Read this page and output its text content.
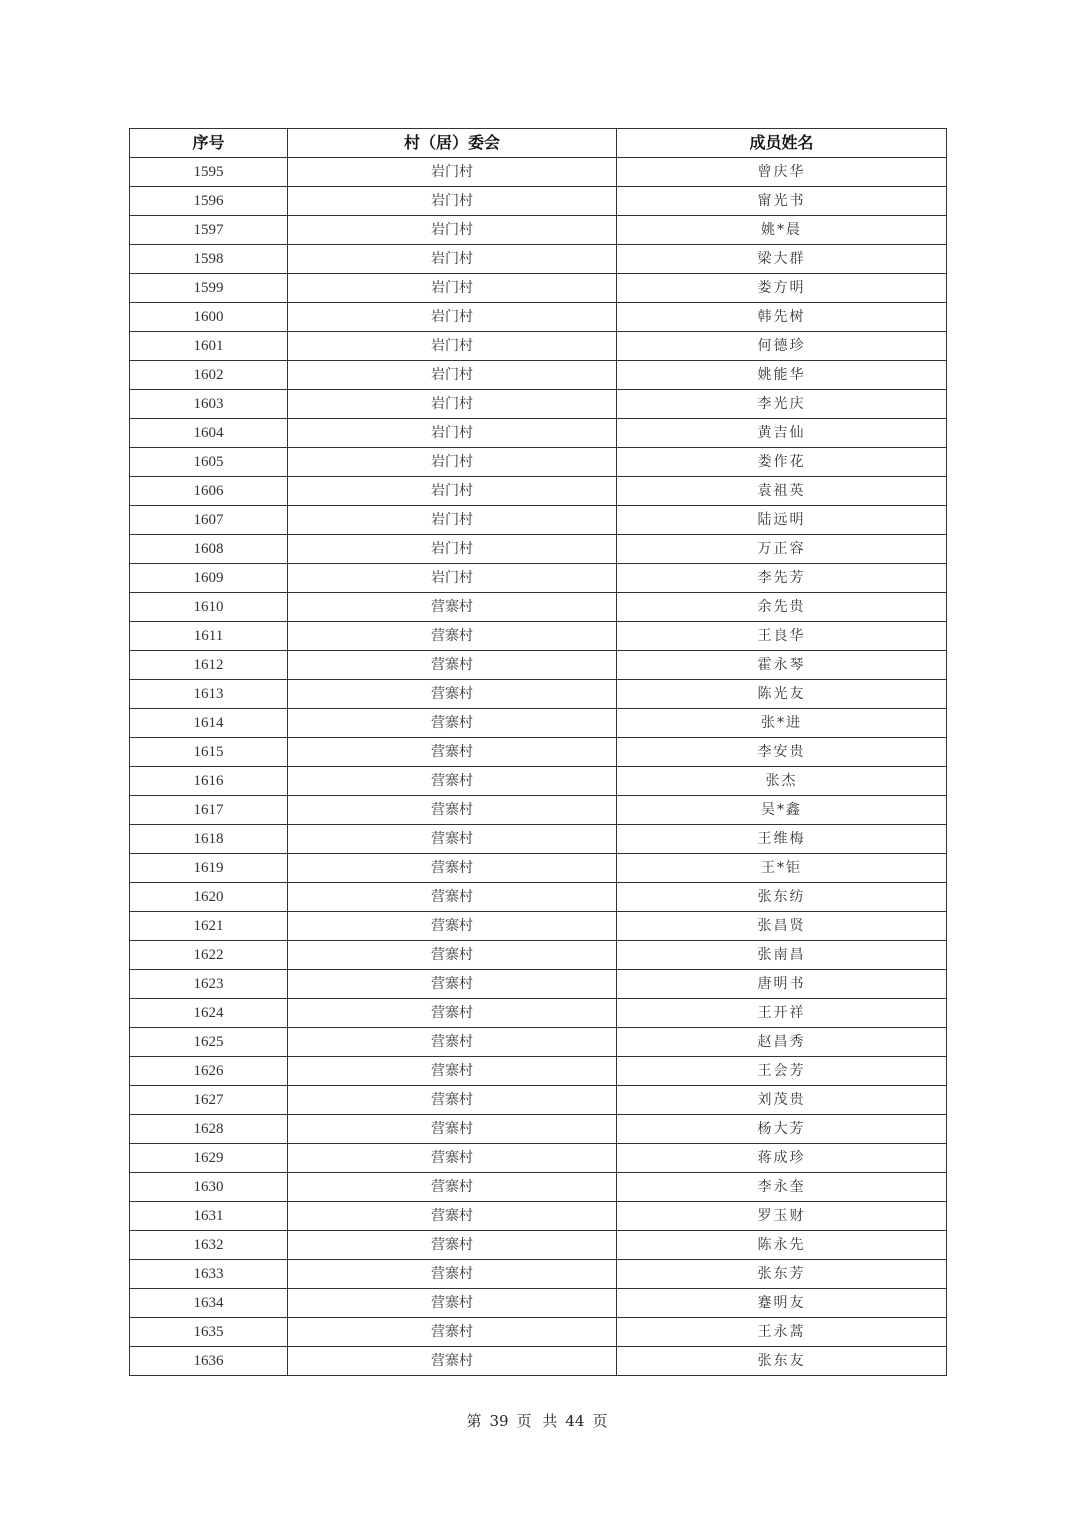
序号	村（居）委会	成员姓名
1595	岩门村	曾庆华
1596	岩门村	甯光书
1597	岩门村	姚*晨
1598	岩门村	梁大群
1599	岩门村	娄方明
1600	岩门村	韩先树
1601	岩门村	何德珍
1602	岩门村	姚能华
1603	岩门村	李光庆
1604	岩门村	黄吉仙
1605	岩门村	娄作花
1606	岩门村	袁祖英
1607	岩门村	陆远明
1608	岩门村	万正容
1609	岩门村	李先芳
1610	营寨村	余先贵
1611	营寨村	王良华
1612	营寨村	霍永琴
1613	营寨村	陈光友
1614	营寨村	张*进
1615	营寨村	李安贵
1616	营寨村	张杰
1617	营寨村	吴*鑫
1618	营寨村	王维梅
1619	营寨村	王*钜
1620	营寨村	张东纺
1621	营寨村	张昌贤
1622	营寨村	张南昌
1623	营寨村	唐明书
1624	营寨村	王开祥
1625	营寨村	赵昌秀
1626	营寨村	王会芳
1627	营寨村	刘茂贵
1628	营寨村	杨大芳
1629	营寨村	蒋成珍
1630	营寨村	李永奎
1631	营寨村	罗玉财
1632	营寨村	陈永先
1633	营寨村	张东芳
1634	营寨村	蹇明友
1635	营寨村	王永蒿
1636	营寨村	张东友
第 39 页 共 44 页
